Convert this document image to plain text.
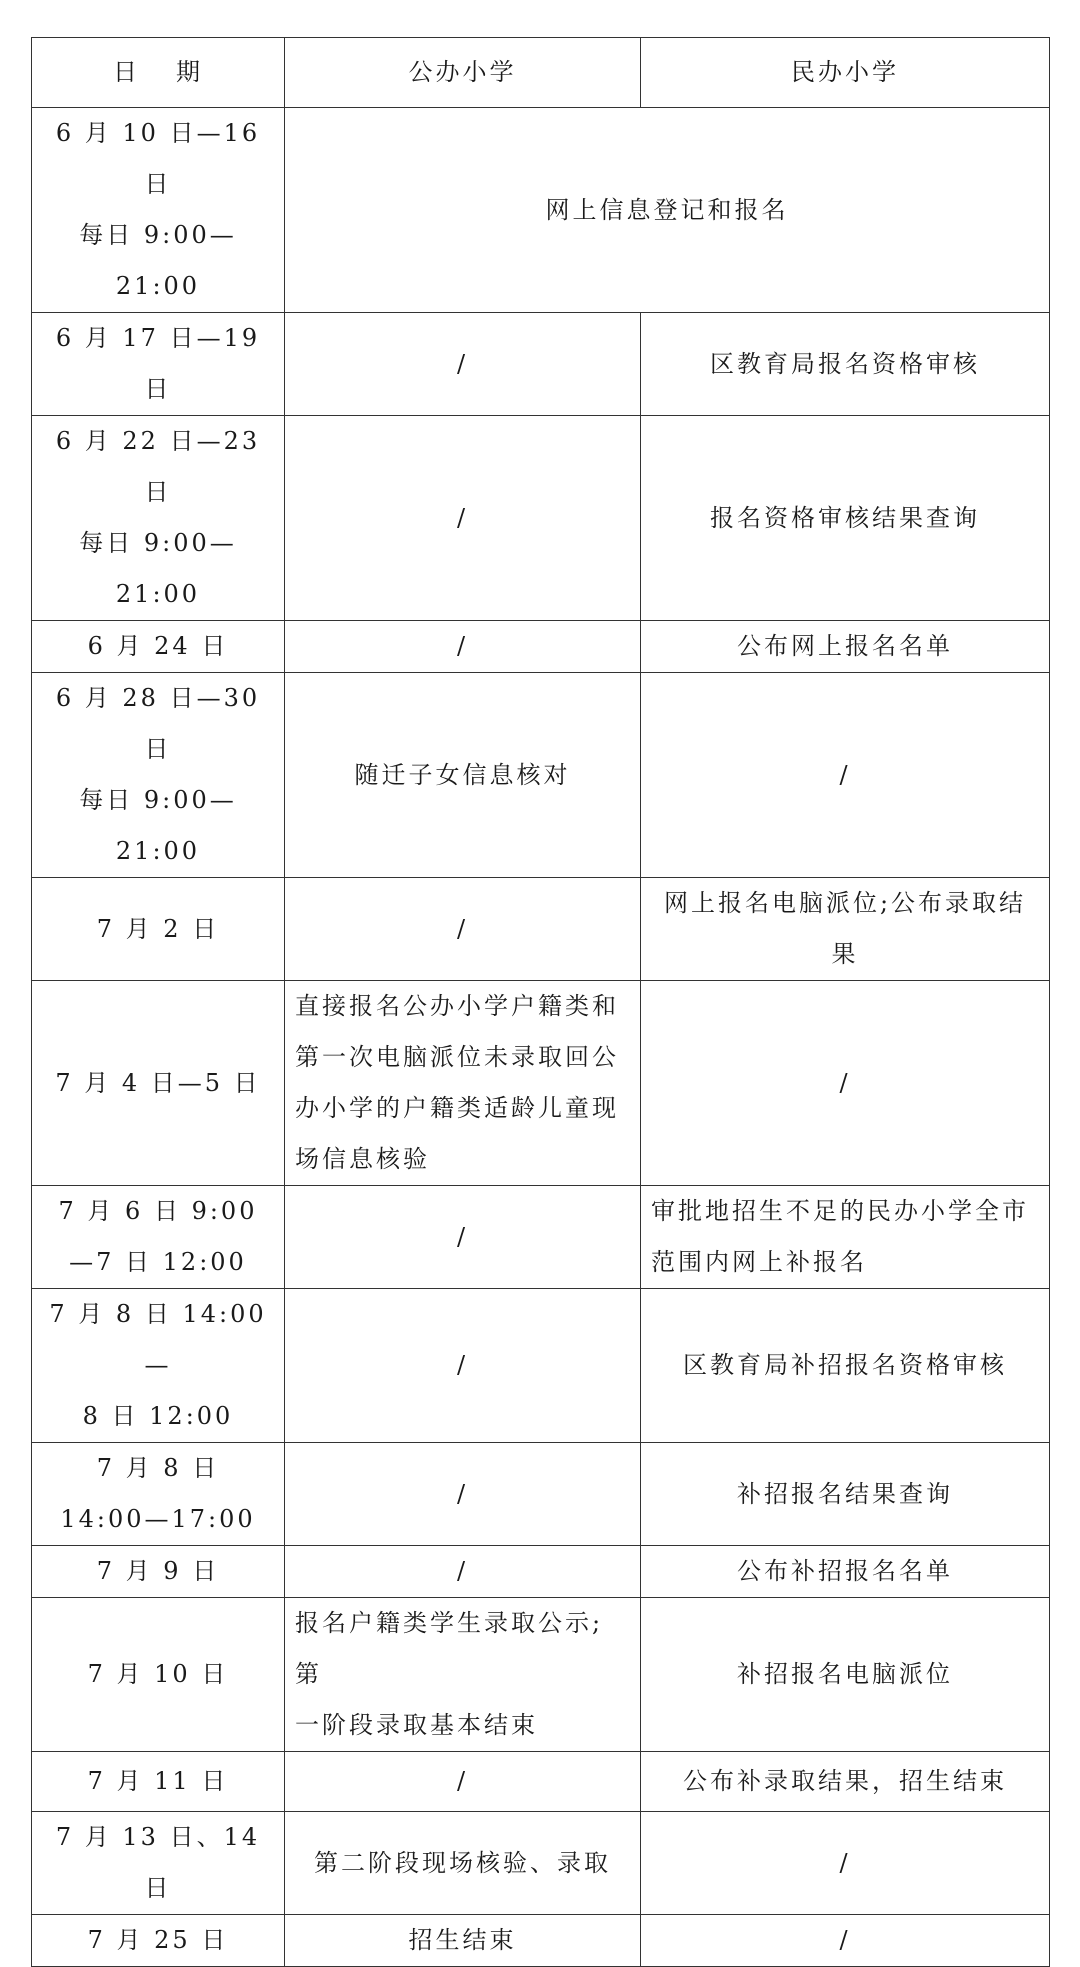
日 期	公办小学	民办小学

6 月 10 日—16 日
每日 9:00—21:00	网上信息登记和报名	

6 月 17 日—19 日	/	区教育局报名资格审核

6 月 22 日—23 日
每日 9:00—21:00	/	报名资格审核结果查询

6 月 24 日	/	公布网上报名名单

6 月 28 日—30 日
每日 9:00—21:00	随迁子女信息核对	/

7 月 2 日	/	网上报名电脑派位;公布录取结果

7 月 4 日—5 日	直接报名公办小学户籍类和
第一次电脑派位未录取回公
办小学的户籍类适龄儿童现
场信息核验	/

7 月 6 日 9:00
—7 日 12:00	/	审批地招生不足的民办小学全市
范围内网上补报名

7 月 8 日 14:00—
8 日 12:00	/	区教育局补招报名资格审核

7 月 8 日
14:00—17:00	/	补招报名结果查询

7 月 9 日	/	公布补招报名名单

7 月 10 日	报名户籍类学生录取公示;第
一阶段录取基本结束	补招报名电脑派位

7 月 11 日	/	公布补录取结果，招生结束

7 月 13 日、14 日	第二阶段现场核验、录取	/

7 月 25 日	招生结束	/
